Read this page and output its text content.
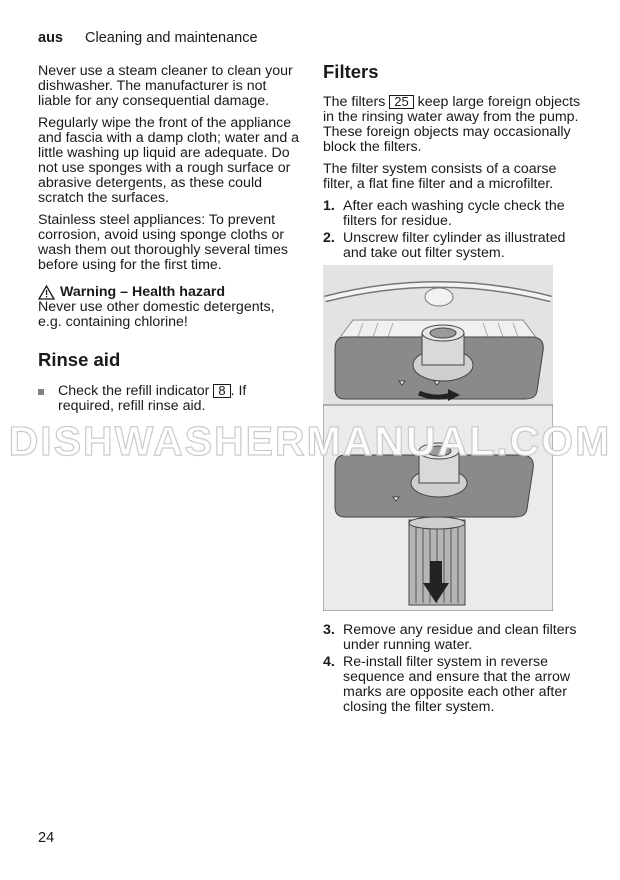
aus Cleaning and maintenance

Never use a steam cleaner to clean your dishwasher. The manufacturer is not liable for any consequential damage.

Regularly wipe the front of the appliance and fascia with a damp cloth; water and a little washing up liquid are adequate. Do not use sponges with a rough surface or abrasive detergents, as these could scratch the surfaces.

Stainless steel appliances: To prevent corrosion, avoid using sponge cloths or wash them out thoroughly several times before using for the first time.

Warning – Health hazard

Never use other domestic detergents, e.g. containing chlorine!

Rinse aid
Check the refill indicator 8 . If required, refill rinse aid.
Filters

The filters 25 keep large foreign objects in the rinsing water away from the pump. These foreign objects may occasionally block the filters.

The filter system consists of a coarse filter, a flat fine filter and a microfilter.

1. After each washing cycle check the filters for residue.
2. Unscrew filter cylinder as illustrated and take out filter system.
3. Remove any residue and clean filters under running water.
4. Re-install filter system in reverse sequence and ensure that the arrow marks are opposite each other after closing the filter system.
DISHWASHERMANUAL.COM
24
